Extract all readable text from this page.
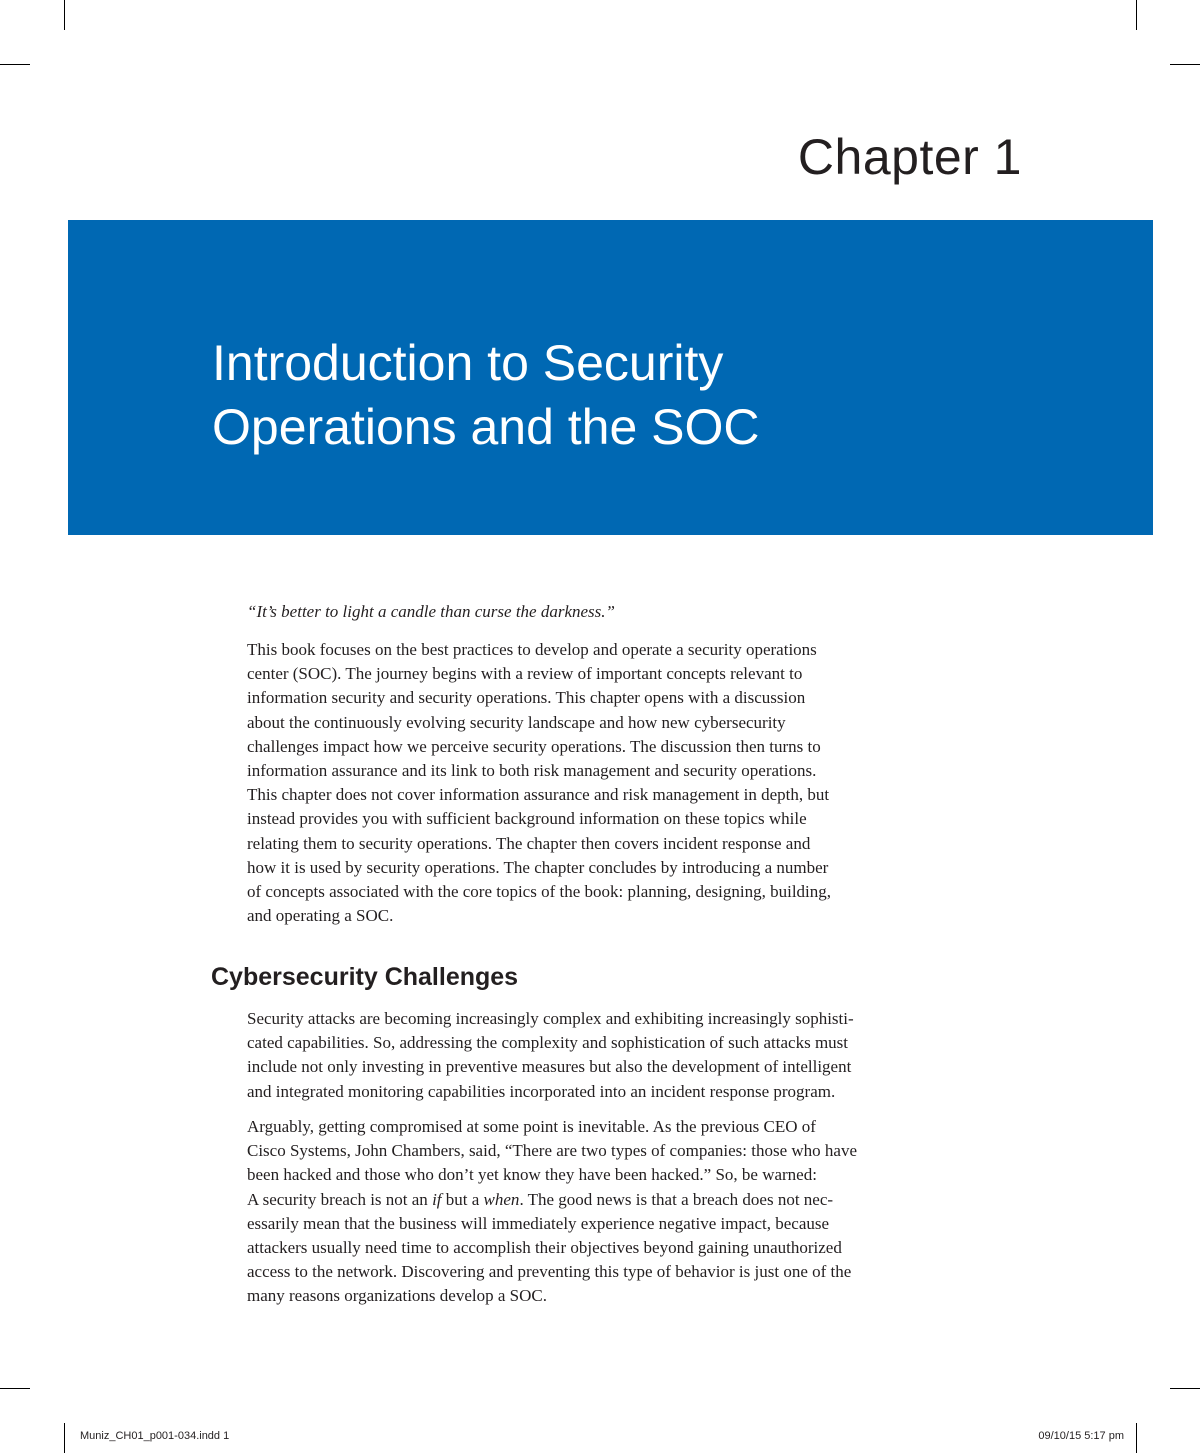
Chapter 1
Introduction to Security
Operations and the SOC
“It’s better to light a candle than curse the darkness.”
This book focuses on the best practices to develop and operate a security operations
center (SOC). The journey begins with a review of important concepts relevant to
information security and security operations. This chapter opens with a discussion
about the continuously evolving security landscape and how new cybersecurity
challenges impact how we perceive security operations. The discussion then turns to
information assurance and its link to both risk management and security operations.
This chapter does not cover information assurance and risk management in depth, but
instead provides you with sufficient background information on these topics while
relating them to security operations. The chapter then covers incident response and
how it is used by security operations. The chapter concludes by introducing a number
of concepts associated with the core topics of the book: planning, designing, building,
and operating a SOC.
Cybersecurity Challenges
Security attacks are becoming increasingly complex and exhibiting increasingly sophisti-
cated capabilities. So, addressing the complexity and sophistication of such attacks must
include not only investing in preventive measures but also the development of intelligent
and integrated monitoring capabilities incorporated into an incident response program.
Arguably, getting compromised at some point is inevitable. As the previous CEO of
Cisco Systems, John Chambers, said, “There are two types of companies: those who have
been hacked and those who don’t yet know they have been hacked.” So, be warned:
A security breach is not an if but a when. The good news is that a breach does not nec-
essarily mean that the business will immediately experience negative impact, because
attackers usually need time to accomplish their objectives beyond gaining unauthorized
access to the network. Discovering and preventing this type of behavior is just one of the
many reasons organizations develop a SOC.
Muniz_CH01_p001-034.indd 1	09/10/15 5:17 pm
